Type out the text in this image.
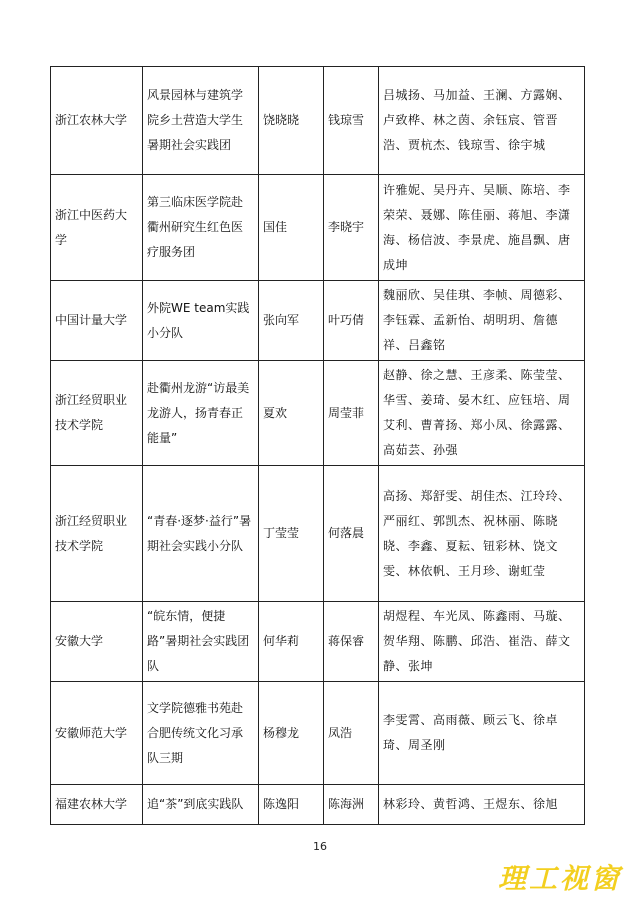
浙江农林大学	风景园林与建筑学院乡土营造大学生暑期社会实践团	饶晓晓	钱琼雪	吕城扬、马加益、王澜、方露娴、卢致桦、林之茵、余钰宸、管晋浩、贾杭杰、钱琼雪、徐宇城
浙江中医药大学	第三临床医学院赴衢州研究生红色医疗服务团	国佳	李晓宇	许雅妮、吴丹卉、吴顺、陈培、李荣荣、聂娜、陈佳丽、蒋旭、李潇海、杨信波、李景虎、施昌飘、唐成坤
中国计量大学	外院WE team实践小分队	张向军	叶巧倩	魏丽欣、吴佳琪、李帧、周德彩、李钰霖、孟新怡、胡明玥、詹德祥、吕鑫铭
浙江经贸职业技术学院	赴衢州龙游“访最美龙游人，扬青春正能量”	夏欢	周莹菲	赵静、徐之慧、王彦柔、陈莹莹、华雪、姜琦、晏木红、应钰培、周艾利、曹菁扬、郑小凤、徐露露、高茹芸、孙强
浙江经贸职业技术学院	“青春·逐梦·益行”暑期社会实践小分队	丁莹莹	何落晨	高扬、郑舒雯、胡佳杰、江玲玲、严丽红、郭凯杰、祝林丽、陈晓晓、李鑫、夏耘、钮彩林、饶文雯、林依帆、王月珍、谢虹莹
安徽大学	“皖东情，便捷路”暑期社会实践团队	何华莉	蒋保睿	胡煜程、车光凤、陈鑫雨、马璇、贺华翔、陈鹏、邱浩、崔浩、薛文静、张坤
安徽师范大学	文学院德雅书苑赴合肥传统文化习承队三期	杨穆龙	凤浩	李雯霄、高雨薇、顾云飞、徐卓琦、周圣刚
福建农林大学	追“茶”到底实践队	陈逸阳	陈海洲	林彩玲、黄哲鸿、王煜东、徐旭
16
理工视窗
